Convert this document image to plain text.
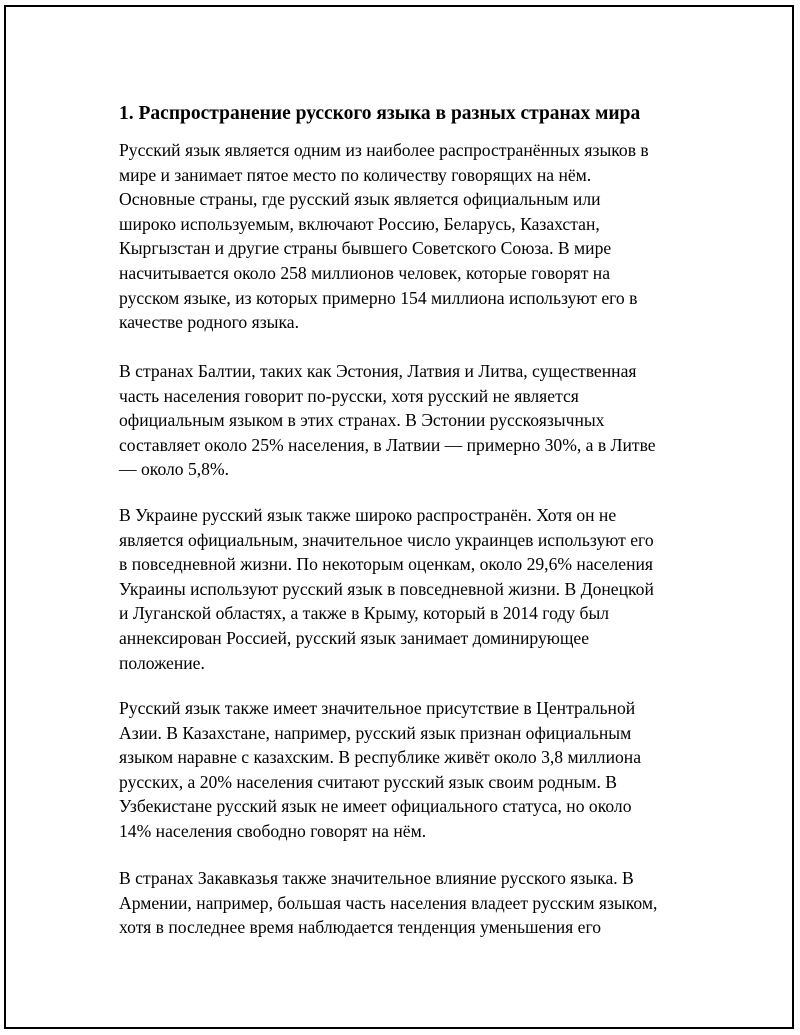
1. Распространение русского языка в разных странах мира

Русский язык является одним из наиболее распространённых языков в
мире и занимает пятое место по количеству говорящих на нём.
Основные страны, где русский язык является официальным или
широко используемым, включают Россию, Беларусь, Казахстан,
Кыргызстан и другие страны бывшего Советского Союза. В мире
насчитывается около 258 миллионов человек, которые говорят на
русском языке, из которых примерно 154 миллиона используют его в
качестве родного языка.

В странах Балтии, таких как Эстония, Латвия и Литва, существенная
часть населения говорит по-русски, хотя русский не является
официальным языком в этих странах. В Эстонии русскоязычных
составляет около 25% населения, в Латвии — примерно 30%, а в Литве
— около 5,8%.

В Украине русский язык также широко распространён. Хотя он не
является официальным, значительное число украинцев используют его
в повседневной жизни. По некоторым оценкам, около 29,6% населения
Украины используют русский язык в повседневной жизни. В Донецкой
и Луганской областях, а также в Крыму, который в 2014 году был
аннексирован Россией, русский язык занимает доминирующее
положение.

Русский язык также имеет значительное присутствие в Центральной
Азии. В Казахстане, например, русский язык признан официальным
языком наравне с казахским. В республике живёт около 3,8 миллиона
русских, а 20% населения считают русский язык своим родным. В
Узбекистане русский язык не имеет официального статуса, но около
14% населения свободно говорят на нём.

В странах Закавказья также значительное влияние русского языка. В
Армении, например, большая часть населения владеет русским языком,
хотя в последнее время наблюдается тенденция уменьшения его
